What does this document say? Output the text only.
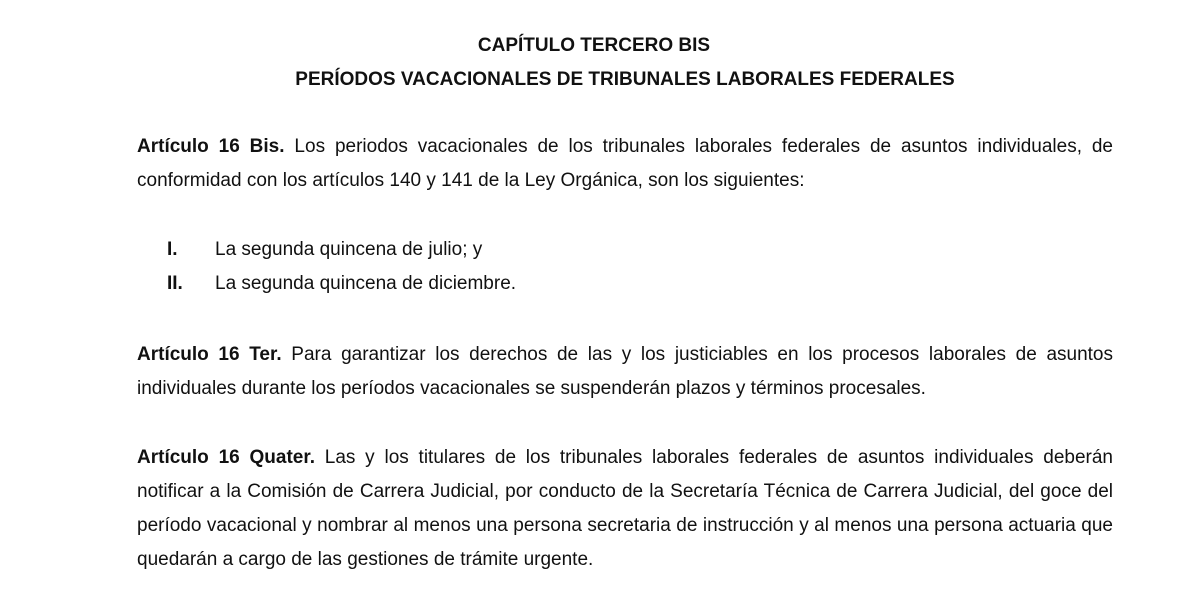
CAPÍTULO TERCERO BIS
PERÍODOS VACACIONALES DE TRIBUNALES LABORALES FEDERALES
Artículo 16 Bis. Los periodos vacacionales de los tribunales laborales federales de asuntos individuales, de conformidad con los artículos 140 y 141 de la Ley Orgánica, son los siguientes:
I. La segunda quincena de julio; y
II. La segunda quincena de diciembre.
Artículo 16 Ter. Para garantizar los derechos de las y los justiciables en los procesos laborales de asuntos individuales durante los períodos vacacionales se suspenderán plazos y términos procesales.
Artículo 16 Quater. Las y los titulares de los tribunales laborales federales de asuntos individuales deberán notificar a la Comisión de Carrera Judicial, por conducto de la Secretaría Técnica de Carrera Judicial, del goce del período vacacional y nombrar al menos una persona secretaria de instrucción y al menos una persona actuaria que quedarán a cargo de las gestiones de trámite urgente.
